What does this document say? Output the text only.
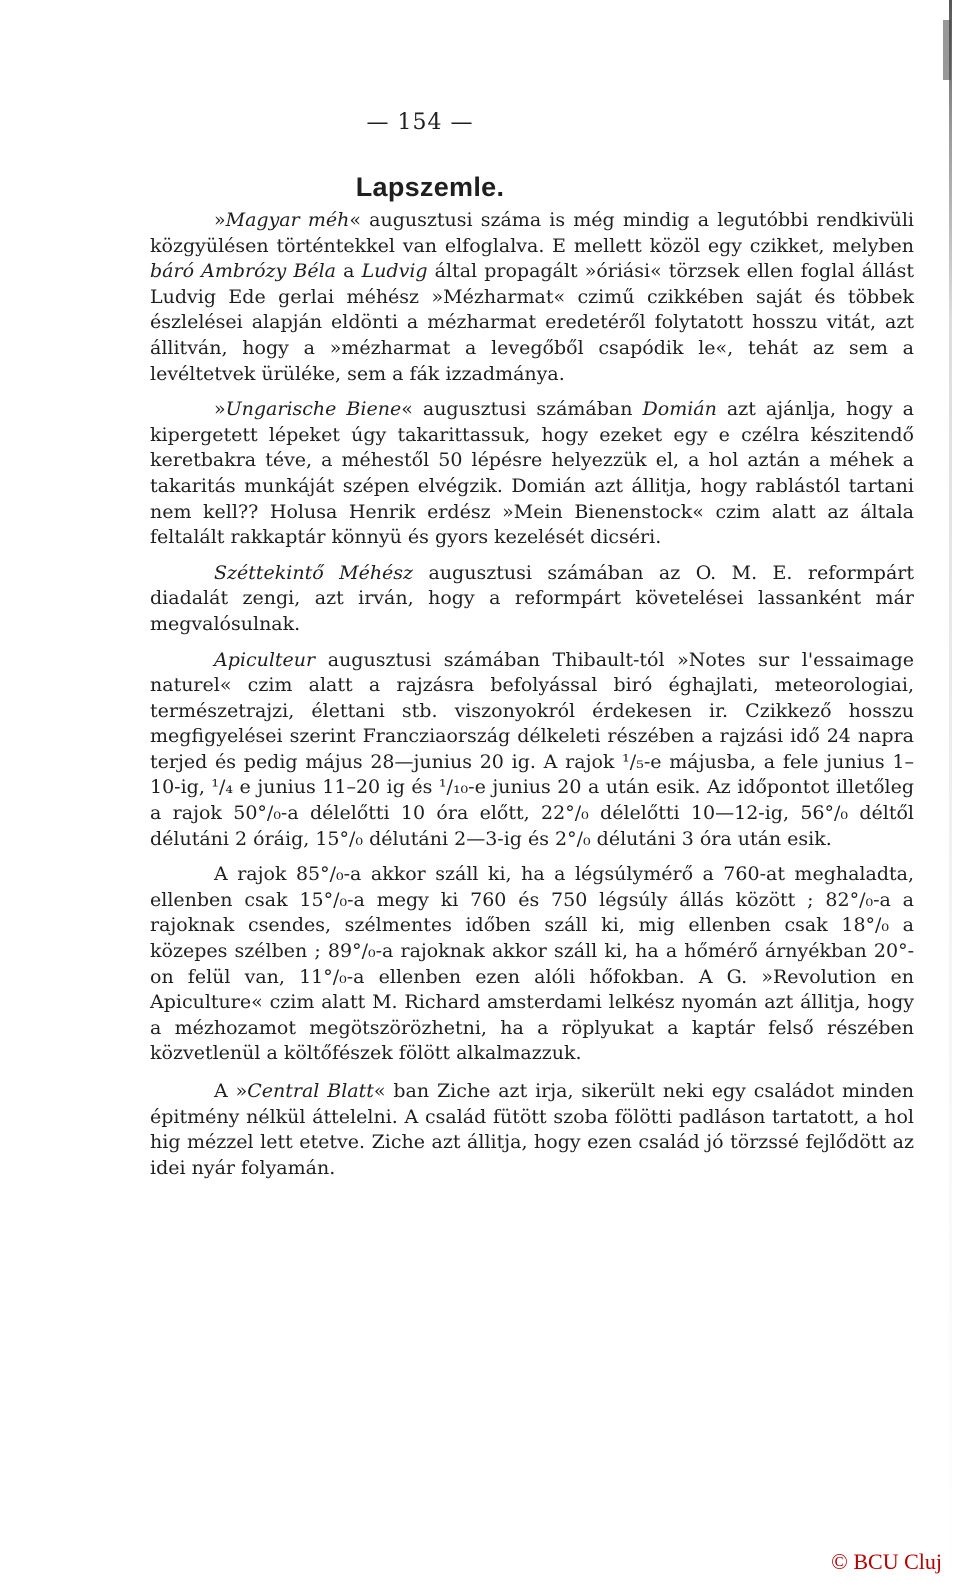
— 154 —
Lapszemle.

»Magyar méh« augusztusi száma is még mindig a legutóbbi rendkivüli közgyülésen történtekkel van elfoglalva. E mellett közöl egy czikket, melyben báró Ambrózy Béla a Ludvig által propagált »óriási« törzsek ellen foglal állást Ludvig Ede gerlai méhész »Mézharmat« czimű czikkében saját és többek észlelései alapján eldönti a mézharmat eredetéről folytatott hosszu vitát, azt állitván, hogy a »mézharmat a levegőből csapódik le«, tehát az sem a levéltetvek ürüléke, sem a fák izzadmánya.

»Ungarische Biene« augusztusi számában Domián azt ajánlja, hogy a kipergetett lépeket úgy takarittassuk, hogy ezeket egy e czélra készitendő keretbakra téve, a méhestől 50 lépésre helyezzük el, a hol aztán a méhek a takaritás munkáját szépen elvégzik. Domián azt állitja, hogy rablástól tartani nem kell?? Holusa Henrik erdész »Mein Bienenstock« czim alatt az általa feltalált rakkaptár könnyü és gyors kezelését dicséri.

Széttekintő Méhész augusztusi számában az O. M. E. reformpárt diadalát zengi, azt irván, hogy a reformpárt követelései lassanként már megvalósulnak.

Apiculteur augusztusi számában Thibault-tól »Notes sur l'essaimage naturel« czim alatt a rajzásra befolyással biró éghajlati, meteorologiai, természetrajzi, élettani stb. viszonyokról érdekesen ir. Czikkező hosszu megfigyelései szerint Francziaország délkeleti részében a rajzási idő 24 napra terjed és pedig május 28—junius 20 ig. A rajok ¹/₅-e májusba, a fele junius 1–10-ig, ¹/₄ e junius 11–20 ig és ¹/₁₀-e junius 20 a után esik. Az időpontot illetőleg a rajok 50°/₀-a délelőtti 10 óra előtt, 22°/₀ délelőtti 10—12-ig, 56°/₀ déltől délutáni 2 óráig, 15°/₀ délutáni 2—3-ig és 2°/₀ délutáni 3 óra után esik.

A rajok 85°/₀-a akkor száll ki, ha a légsúlymérő a 760-at meghaladta, ellenben csak 15°/₀-a megy ki 760 és 750 légsúly állás között ; 82°/₀-a a rajoknak csendes, szélmentes időben száll ki, mig ellenben csak 18°/₀ a közepes szélben ; 89°/₀-a rajoknak akkor száll ki, ha a hőmérő árnyékban 20°-on felül van, 11°/₀-a ellenben ezen alóli hőfokban. A G. »Revolution en Apiculture« czim alatt M. Richard amsterdami lelkész nyomán azt állitja, hogy a mézhozamot megötszörözhetni, ha a röplyukat a kaptár felső részében közvetlenül a költőfészek fölött alkalmazzuk.

A »Central Blatt« ban Ziche azt irja, sikerült neki egy családot minden épitmény nélkül áttelelni. A család fütött szoba fölötti padláson tartatott, a hol hig mézzel lett etetve. Ziche azt állitja, hogy ezen család jó törzssé fejlődött az idei nyár folyamán.

© BCU Cluj
